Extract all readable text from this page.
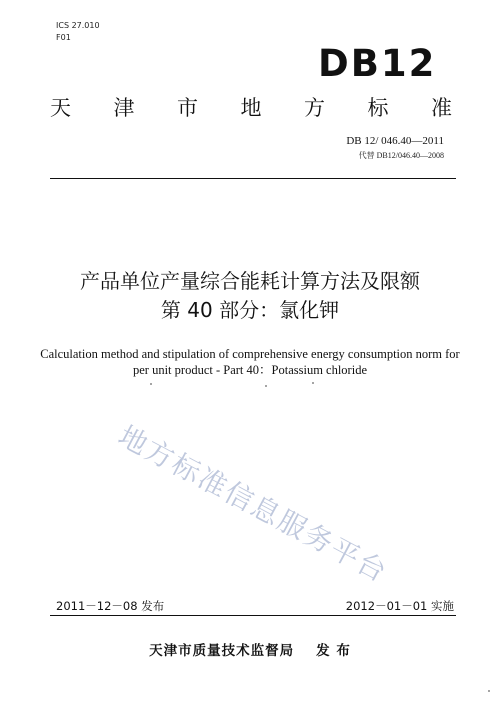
ICS 27.010
F01
DB12
天 津 市 地 方 标 准
DB 12/ 046.40—2011
代替 DB12/046.40—2008
产品单位产量综合能耗计算方法及限额
第 40 部分：氯化钾
Calculation method and stipulation of comprehensive energy consumption norm for
per unit product - Part 40：Potassium chloride
地方标准信息服务平台
2011－12－08 发布	2012－01－01 实施
天津市质量技术监督局 发 布
